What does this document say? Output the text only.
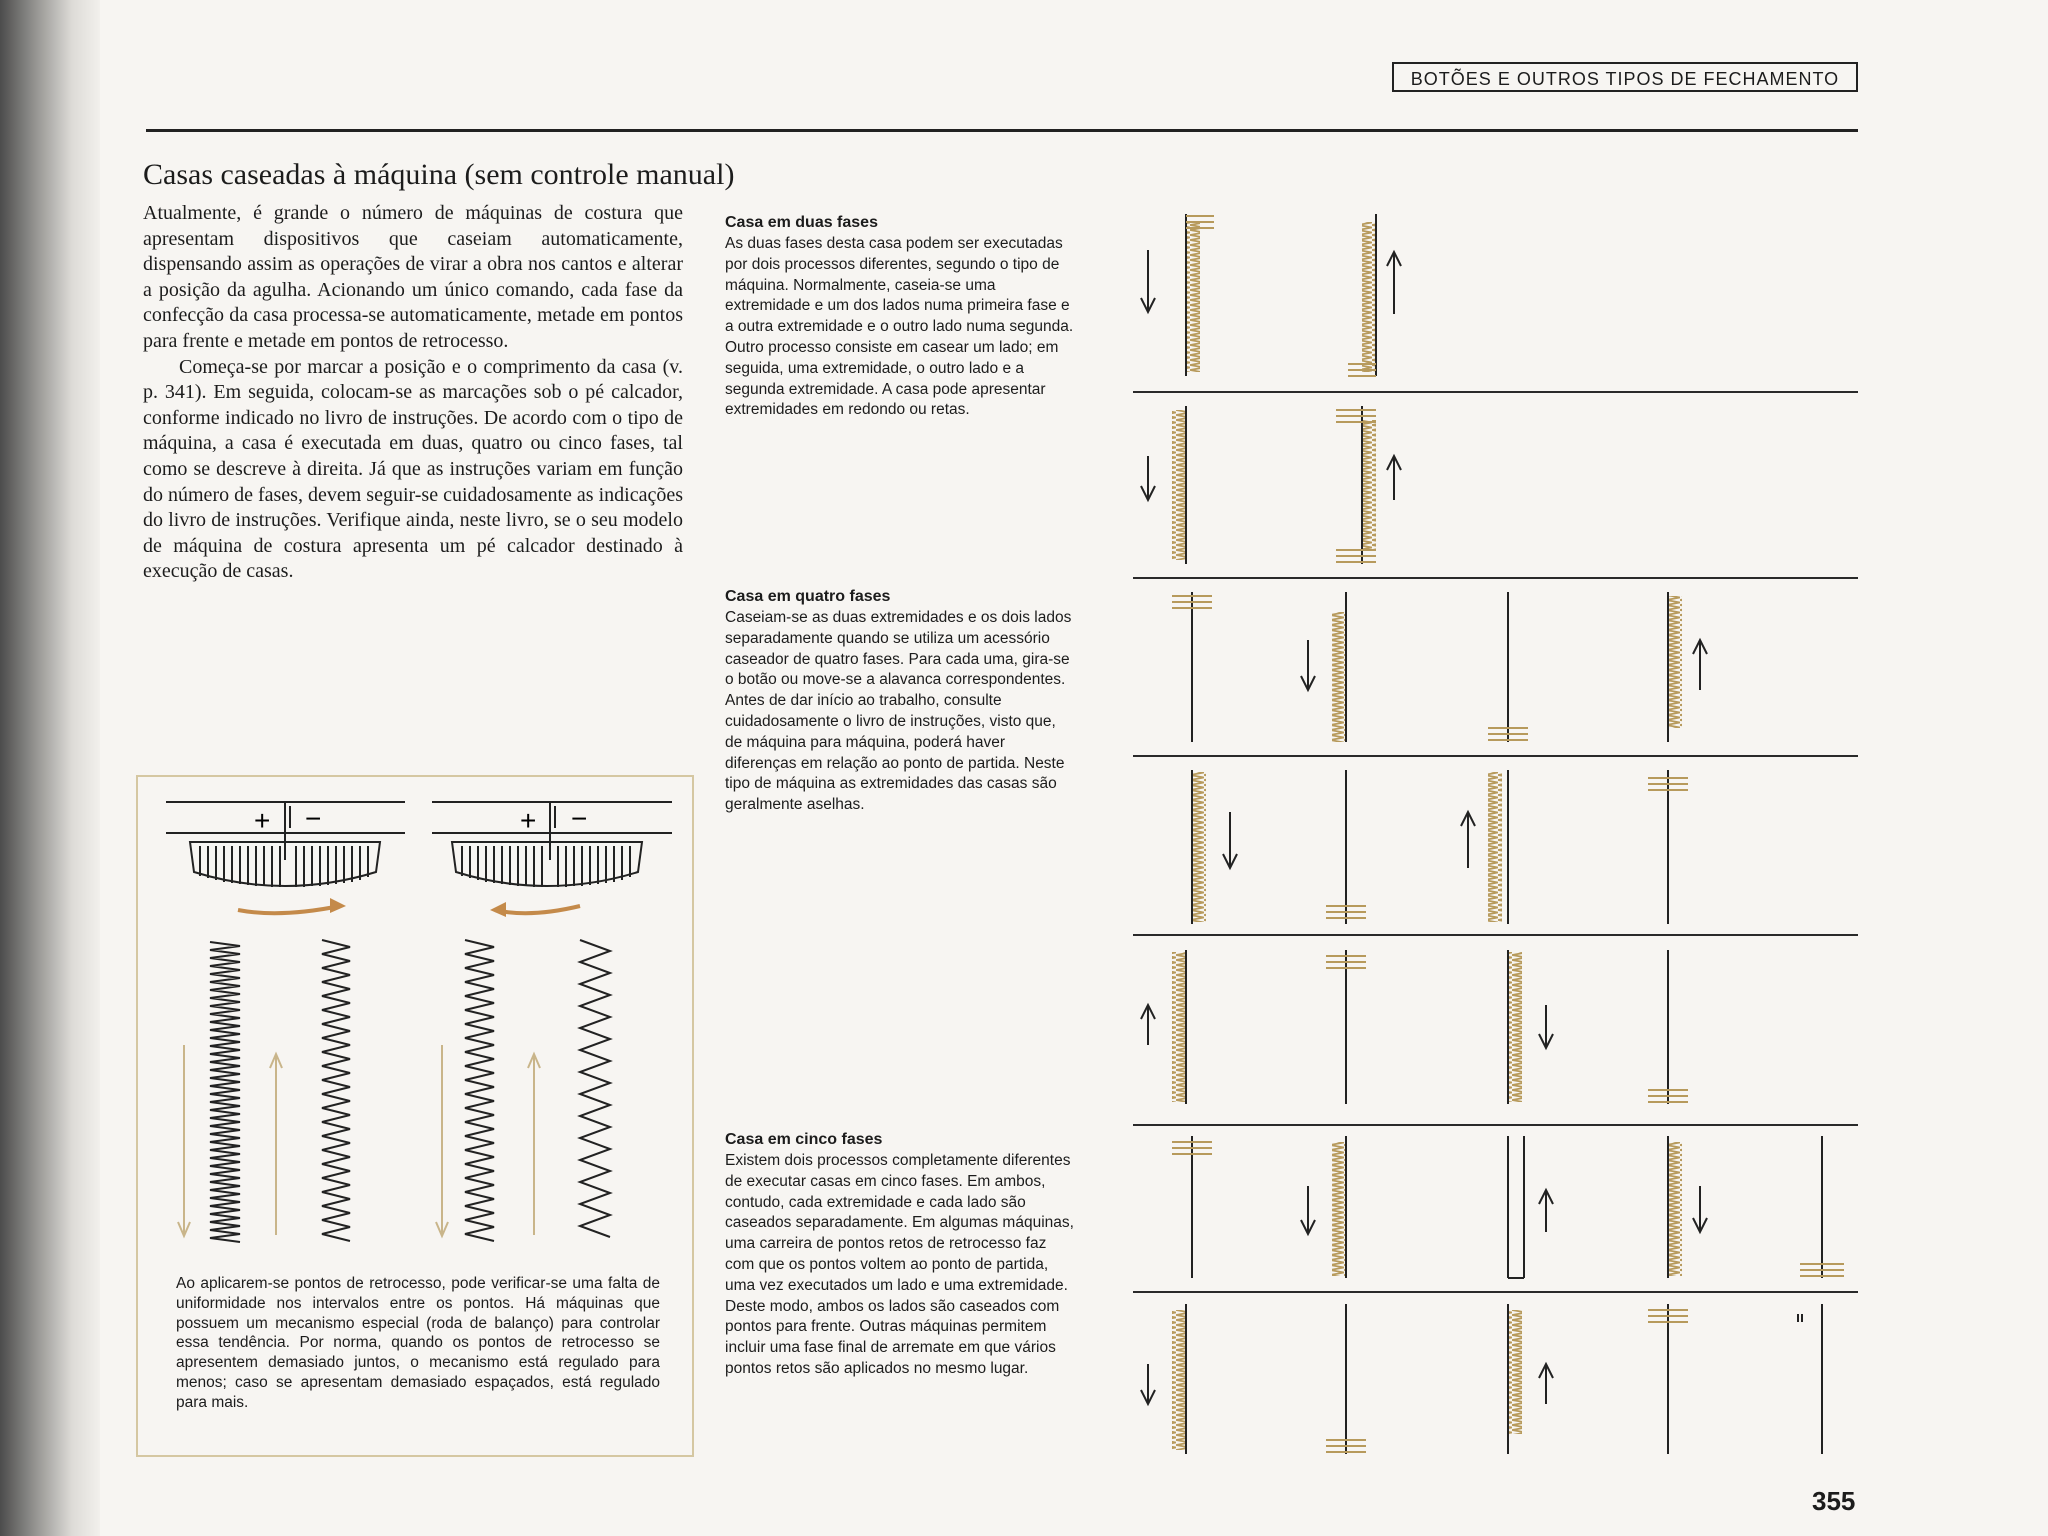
BOTÕES E OUTROS TIPOS DE FECHAMENTO
Casas caseadas à máquina (sem controle manual)

Atualmente, é grande o número de máquinas de costura que apresentam dispositivos que caseiam automaticamente, dispensando assim as operações de virar a obra nos cantos e alterar a posição da agulha. Acionando um único comando, cada fase da confecção da casa processa-se automaticamente, metade em pontos para frente e metade em pontos de retrocesso.

Começa-se por marcar a posição e o comprimento da casa (v. p. 341). Em seguida, colocam-se as marcações sob o pé calcador, conforme indicado no livro de instruções. De acordo com o tipo de máquina, a casa é executada em duas, quatro ou cinco fases, tal como se descreve à direita. Já que as instruções variam em função do número de fases, devem seguir-se cuidadosamente as indicações do livro de instruções. Verifique ainda, neste livro, se o seu modelo de máquina de costura apresenta um pé calcador destinado à execução de casas.

Ao aplicarem-se pontos de retrocesso, pode verificar-se uma falta de uniformidade nos intervalos entre os pontos. Há máquinas que possuem um mecanismo especial (roda de balanço) para controlar essa tendência. Por norma, quando os pontos de retrocesso se apresentem demasiado juntos, o mecanismo está regulado para menos; caso se apresentam demasiado espaçados, está regulado para mais.
Casa em duas fases
As duas fases desta casa podem ser executadas por dois processos diferentes, segundo o tipo de máquina. Normalmente, caseia-se uma extremidade e um dos lados numa primeira fase e a outra extremidade e o outro lado numa segunda. Outro processo consiste em casear um lado; em seguida, uma extremidade, o outro lado e a segunda extremidade. A casa pode apresentar extremidades em redondo ou retas.
Casa em quatro fases
Caseiam-se as duas extremidades e os dois lados separadamente quando se utiliza um acessório caseador de quatro fases. Para cada uma, gira-se o botão ou move-se a alavanca correspondentes. Antes de dar início ao trabalho, consulte cuidadosamente o livro de instruções, visto que, de máquina para máquina, poderá haver diferenças em relação ao ponto de partida. Neste tipo de máquina as extremidades das casas são geralmente aselhas.
Casa em cinco fases
Existem dois processos completamente diferentes de executar casas em cinco fases. Em ambos, contudo, cada extremidade e cada lado são caseados separadamente. Em algumas máquinas, uma carreira de pontos retos de retrocesso faz com que os pontos voltem ao ponto de partida, uma vez executados um lado e uma extremidade. Deste modo, ambos os lados são caseados com pontos para frente. Outras máquinas permitem incluir uma fase final de arremate em que vários pontos retos são aplicados no mesmo lugar.
355
+ −	+ −
